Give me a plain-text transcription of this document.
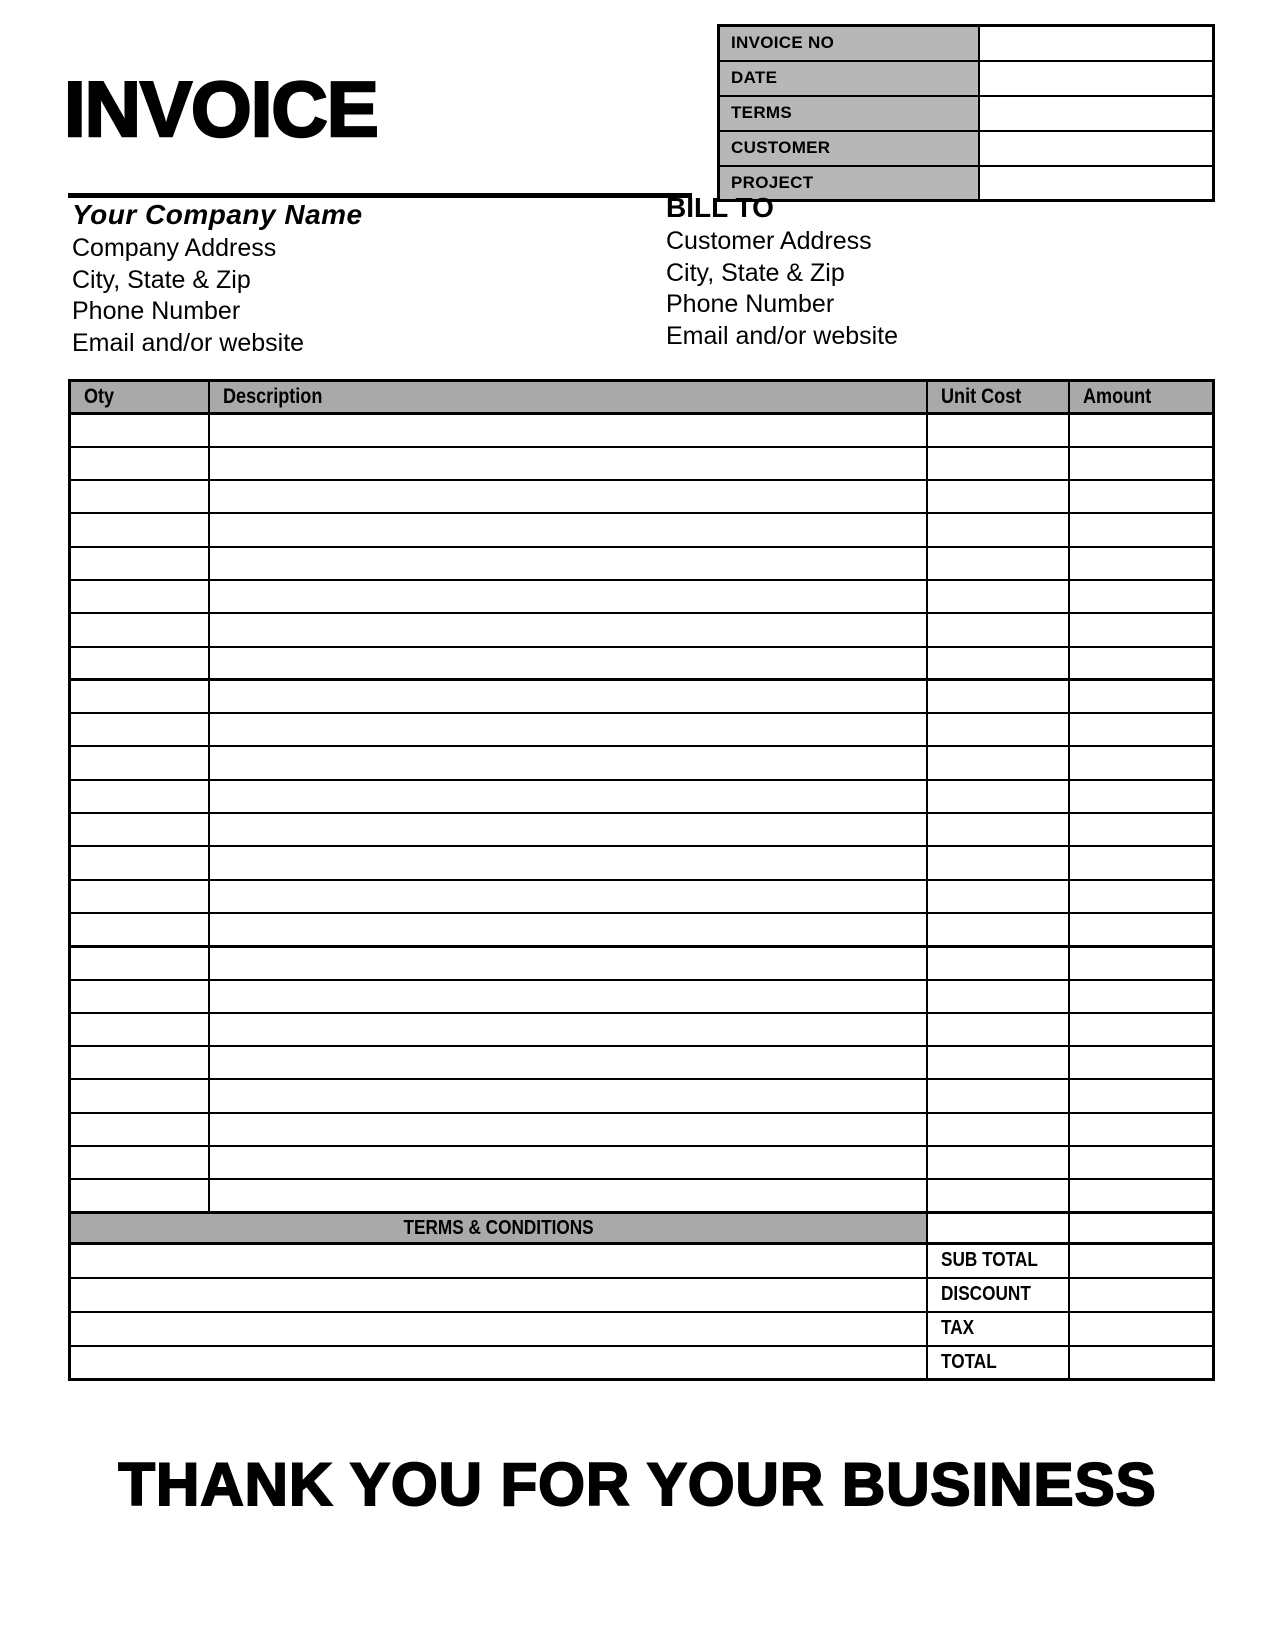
INVOICE
INVOICE NO	
DATE	
TERMS	
CUSTOMER	
PROJECT	
Your Company Name
Company Address
City, State & Zip
Phone Number
Email and/or website
BILL TO
Customer Address
City, State & Zip
Phone Number
Email and/or website
Oty	Description	Unit Cost	Amount

TERMS & CONDITIONS			
		SUB TOTAL	
		DISCOUNT	
		TAX	
		TOTAL	
THANK YOU FOR YOUR BUSINESS
